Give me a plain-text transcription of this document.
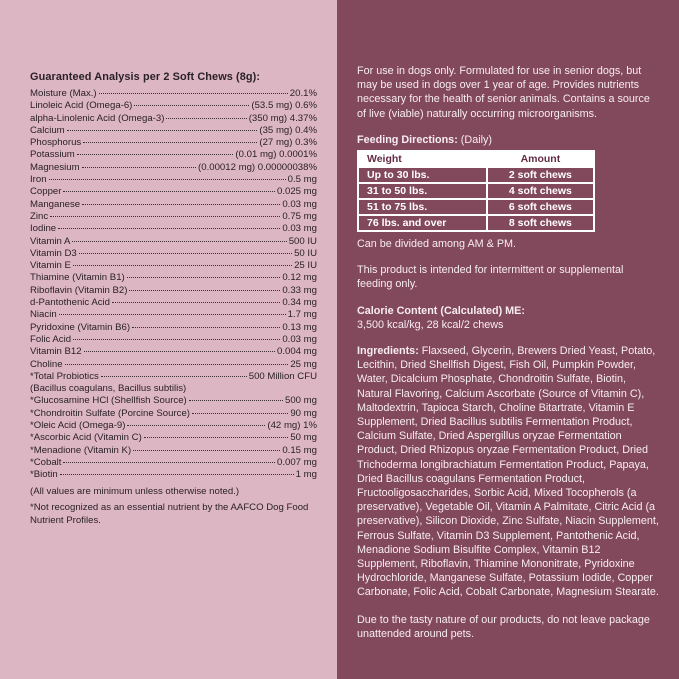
Guaranteed Analysis per 2 Soft Chews (8g):
Moisture (Max.)	20.1%
Linoleic Acid (Omega-6)	(53.5 mg) 0.6%
alpha-Linolenic Acid (Omega-3)	(350 mg) 4.37%
Calcium	(35 mg) 0.4%
Phosphorus	(27 mg) 0.3%
Potassium	(0.01 mg) 0.0001%
Magnesium	(0.00012 mg) 0.00000038%
Iron	0.5 mg
Copper	0.025 mg
Manganese	0.03 mg
Zinc	0.75 mg
Iodine	0.03 mg
Vitamin A	500 IU
Vitamin D3	50 IU
Vitamin E	25 IU
Thiamine (Vitamin B1)	0.12 mg
Riboflavin (Vitamin B2)	0.33 mg
d-Pantothenic Acid	0.34 mg
Niacin	1.7 mg
Pyridoxine (Vitamin B6)	0.13 mg
Folic Acid	0.03 mg
Vitamin B12	0.004 mg
Choline	25 mg
*Total Probiotics	500 Million CFU
(Bacillus coagulans, Bacillus subtilis)
*Glucosamine HCl (Shellfish Source)	500 mg
*Chondroitin Sulfate (Porcine Source)	90 mg
*Oleic Acid (Omega-9)	(42 mg) 1%
*Ascorbic Acid (Vitamin C)	50 mg
*Menadione (Vitamin K)	0.15 mg
*Cobalt	0.007 mg
*Biotin	1 mg
(All values are minimum unless otherwise noted.)
*Not recognized as an essential nutrient by the AAFCO Dog Food Nutrient Profiles.

For use in dogs only. Formulated for use in senior dogs, but may be used in dogs over 1 year of age. Provides nutrients necessary for the health of senior animals. Contains a source of live (viable) naturally occurring microorganisms.

Feeding Directions: (Daily)
Weight	Amount
Up to 30 lbs.	2 soft chews
31 to 50 lbs.	4 soft chews
51 to 75 lbs.	6 soft chews
76 lbs. and over	8 soft chews

Can be divided among AM & PM.

This product is intended for intermittent or supplemental feeding only.

Calorie Content (Calculated) ME:
3,500 kcal/kg, 28 kcal/2 chews

Ingredients: Flaxseed, Glycerin, Brewers Dried Yeast, Potato, Lecithin, Dried Shellfish Digest, Fish Oil, Pumpkin Powder, Water, Dicalcium Phosphate, Chondroitin Sulfate, Biotin, Natural Flavoring, Calcium Ascorbate (Source of Vitamin C), Maltodextrin, Tapioca Starch, Choline Bitartrate, Vitamin E Supplement, Dried Bacillus subtilis Fermentation Product, Calcium Sulfate, Dried Aspergillus oryzae Fermentation Product, Dried Rhizopus oryzae Fermentation Product, Dried Trichoderma longibrachiatum Fermentation Product, Papaya, Dried Bacillus coagulans Fermentation Product, Fructooligosaccharides, Sorbic Acid, Mixed Tocopherols (a preservative), Vegetable Oil, Vitamin A Palmitate, Citric Acid (a preservative), Silicon Dioxide, Zinc Sulfate, Niacin Supplement, Ferrous Sulfate, Vitamin D3 Supplement, Pantothenic Acid, Menadione Sodium Bisulfite Complex, Vitamin B12 Supplement, Riboflavin, Thiamine Mononitrate, Pyridoxine Hydrochloride, Manganese Sulfate, Potassium Iodide, Copper Carbonate, Folic Acid, Cobalt Carbonate, Magnesium Stearate.

Due to the tasty nature of our products, do not leave package unattended around pets.
